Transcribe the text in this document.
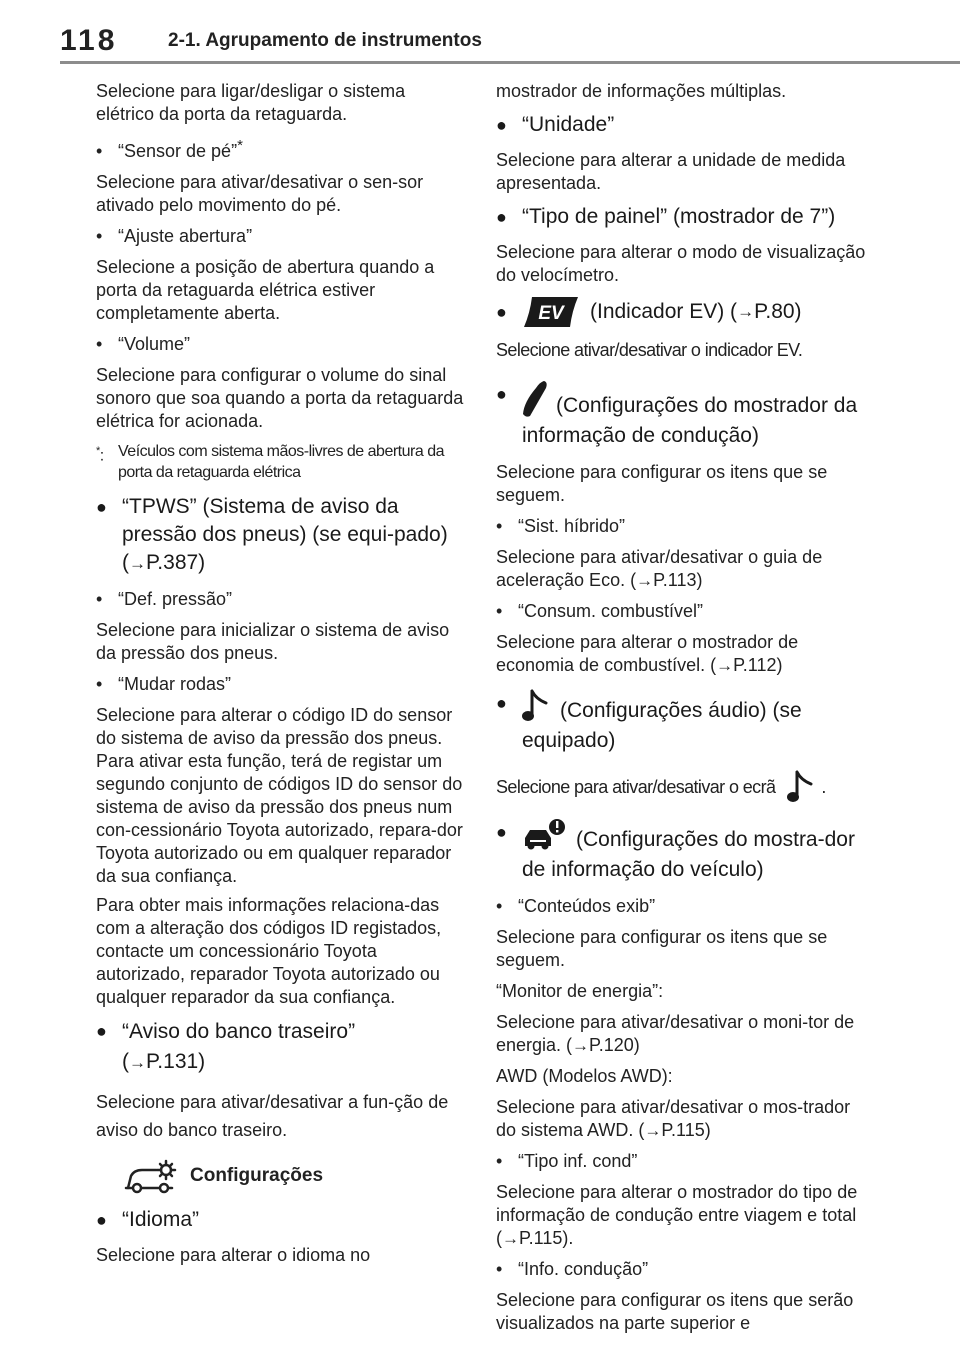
118	2-1. Agrupamento de instrumentos

Selecione para ligar/desligar o sistema elétrico da porta da retaguarda.

• “Sensor de pé”*

Selecione para ativar/desativar o sen-sor ativado pelo movimento do pé.

• “Ajuste abertura”

Selecione a posição de abertura quando a porta da retaguarda elétrica estiver completamente aberta.

• “Volume”

Selecione para configurar o volume do sinal sonoro que soa quando a porta da retaguarda elétrica for acionada.

*: Veículos com sistema mãos-livres de abertura da porta da retaguarda elétrica
● “TPWS” (Sistema de aviso da pressão dos pneus) (se equi-pado) (→P.387)
• “Def. pressão”

Selecione para inicializar o sistema de aviso da pressão dos pneus.

• “Mudar rodas”

Selecione para alterar o código ID do sensor do sistema de aviso da pressão dos pneus. Para ativar esta função, terá de registar um segundo conjunto de códigos ID do sensor do sistema de aviso da pressão dos pneus num con-cessionário Toyota autorizado, repara-dor Toyota autorizado ou em qualquer reparador da sua confiança.

Para obter mais informações relaciona-das com a alteração dos códigos ID registados, contacte um concessionário Toyota autorizado, reparador Toyota autorizado ou qualquer reparador da sua confiança.

● “Aviso do banco traseiro”
(→P.131)

Selecione para ativar/desativar a fun-ção de aviso do banco traseiro.

Configurações
● “Idioma”

Selecione para alterar o idioma no

mostrador de informações múltiplas.

● “Unidade”

Selecione para alterar a unidade de medida apresentada.

● “Tipo de painel” (mostrador de 7”)

Selecione para alterar o modo de visualização do velocímetro.

●	EV (Indicador EV) ( → P.80)

Selecione ativar/desativar o indicador EV.

●	(Configurações do mostrador da informação de condução)

Selecione para configurar os itens que se seguem.

• “Sist. híbrido”

Selecione para ativar/desativar o guia de aceleração Eco. (→P.113)

• “Consum. combustível”

Selecione para alterar o mostrador de economia de combustível. (→P.112)

●	(Configurações áudio) (se equipado)

Selecione para ativar/desativar o ecrã	.

●	(Configurações do mostra-dor de informação do veículo)
• “Conteúdos exib”

Selecione para configurar os itens que se seguem.

“Monitor de energia”:

Selecione para ativar/desativar o moni-tor de energia. (→P.120)

AWD (Modelos AWD):

Selecione para ativar/desativar o mos-trador do sistema AWD. (→P.115)

• “Tipo inf. cond”

Selecione para alterar o mostrador do tipo de informação de condução entre viagem e total (→P.115).

• “Info. condução”

Selecione para configurar os itens que serão visualizados na parte superior e
